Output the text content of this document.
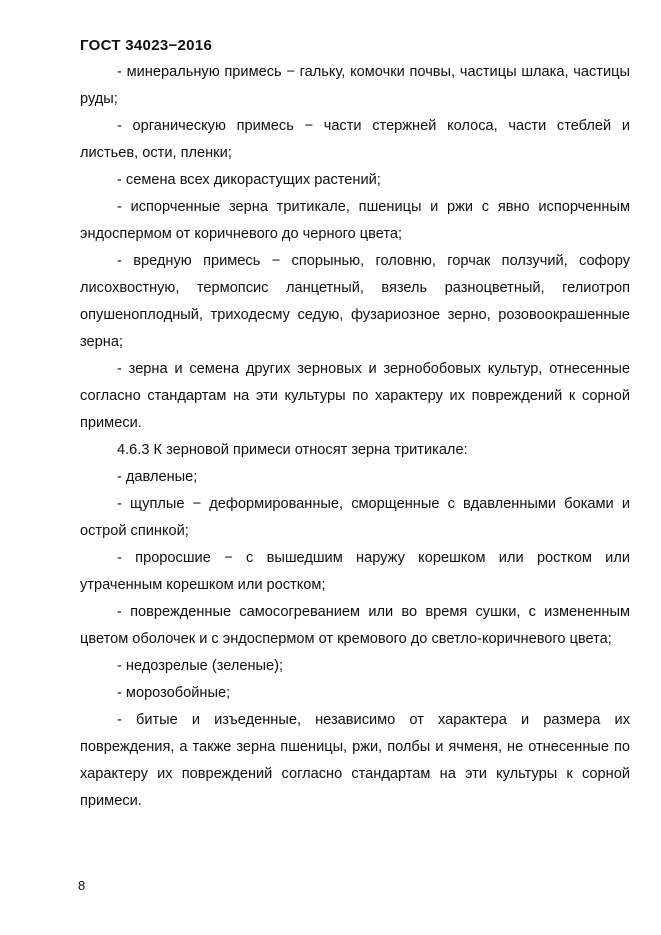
ГОСТ 34023−2016

- минеральную примесь − гальку, комочки почвы, частицы шлака, частицы руды;

- органическую примесь − части стержней колоса, части стеблей и листьев, ости, пленки;

- семена всех дикорастущих растений;

- испорченные зерна тритикале, пшеницы и ржи с явно испорченным эндоспермом от коричневого до черного цвета;

- вредную примесь − спорынью, головню, горчак ползучий, софору лисохвостную, термопсис ланцетный, вязель разноцветный, гелиотроп опушеноплодный, триходесму седую, фузариозное зерно, розовоокрашенные зерна;

- зерна и семена других зерновых и зернобобовых культур, отнесенные согласно стандартам на эти культуры по характеру их повреждений к сорной примеси.

4.6.3 К зерновой примеси относят зерна тритикале:

- давленые;

- щуплые − деформированные, сморщенные с вдавленными боками и острой спинкой;

- проросшие − с вышедшим наружу корешком или ростком или утраченным корешком или ростком;

- поврежденные самосогреванием или во время сушки, с измененным цветом оболочек и с эндоспермом от кремового до светло-коричневого цвета;

- недозрелые (зеленые);

- морозобойные;

- битые и изъеденные, независимо от характера и размера их повреждения, а также зерна пшеницы, ржи, полбы и ячменя, не отнесенные по характеру их повреждений согласно стандартам на эти культуры к сорной примеси.

8
